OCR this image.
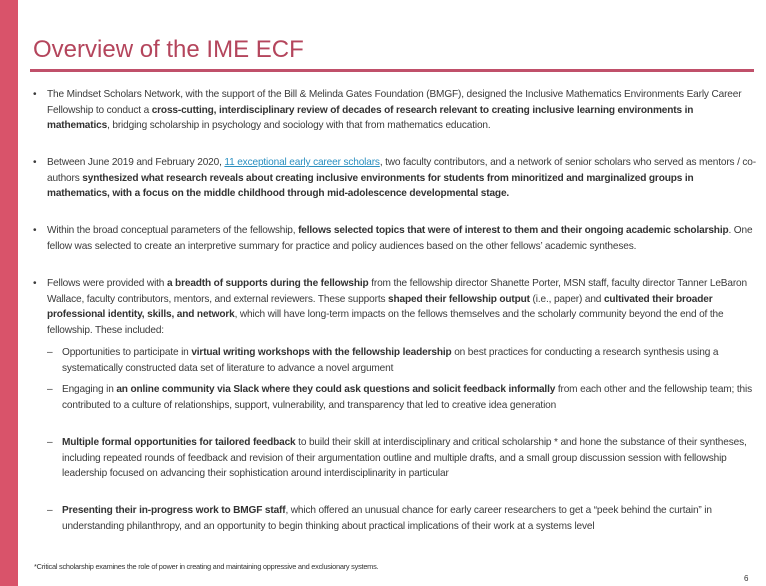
Overview of the IME ECF
• The Mindset Scholars Network, with the support of the Bill & Melinda Gates Foundation (BMGF), designed the Inclusive Mathematics Environments Early Career Fellowship to conduct a cross-cutting, interdisciplinary review of decades of research relevant to creating inclusive learning environments in mathematics, bridging scholarship in psychology and sociology with that from mathematics education.
• Between June 2019 and February 2020, 11 exceptional early career scholars, two faculty contributors, and a network of senior scholars who served as mentors / co-authors synthesized what research reveals about creating inclusive environments for students from minoritized and marginalized groups in mathematics, with a focus on the middle childhood through mid-adolescence developmental stage.
• Within the broad conceptual parameters of the fellowship, fellows selected topics that were of interest to them and their ongoing academic scholarship. One fellow was selected to create an interpretive summary for practice and policy audiences based on the other fellows’ academic syntheses.
• Fellows were provided with a breadth of supports during the fellowship from the fellowship director Shanette Porter, MSN staff, faculty director Tanner LeBaron Wallace, faculty contributors, mentors, and external reviewers. These supports shaped their fellowship output (i.e., paper) and cultivated their broader professional identity, skills, and network, which will have long-term impacts on the fellows themselves and the scholarly community beyond the end of the fellowship. These included:
– Opportunities to participate in virtual writing workshops with the fellowship leadership on best practices for conducting a research synthesis using a systematically constructed data set of literature to advance a novel argument
– Engaging in an online community via Slack where they could ask questions and solicit feedback informally from each other and the fellowship team; this contributed to a culture of relationships, support, vulnerability, and transparency that led to creative idea generation
– Multiple formal opportunities for tailored feedback to build their skill at interdisciplinary and critical scholarship * and hone the substance of their syntheses, including repeated rounds of feedback and revision of their argumentation outline and multiple drafts, and a small group discussion session with fellowship leadership focused on advancing their sophistication around interdisciplinarity in particular
– Presenting their in-progress work to BMGF staff, which offered an unusual chance for early career researchers to get a “peek behind the curtain” in understanding philanthropy, and an opportunity to begin thinking about practical implications of their work at a systems level
*Critical scholarship examines the role of power in creating and maintaining oppressive and exclusionary systems.
6
